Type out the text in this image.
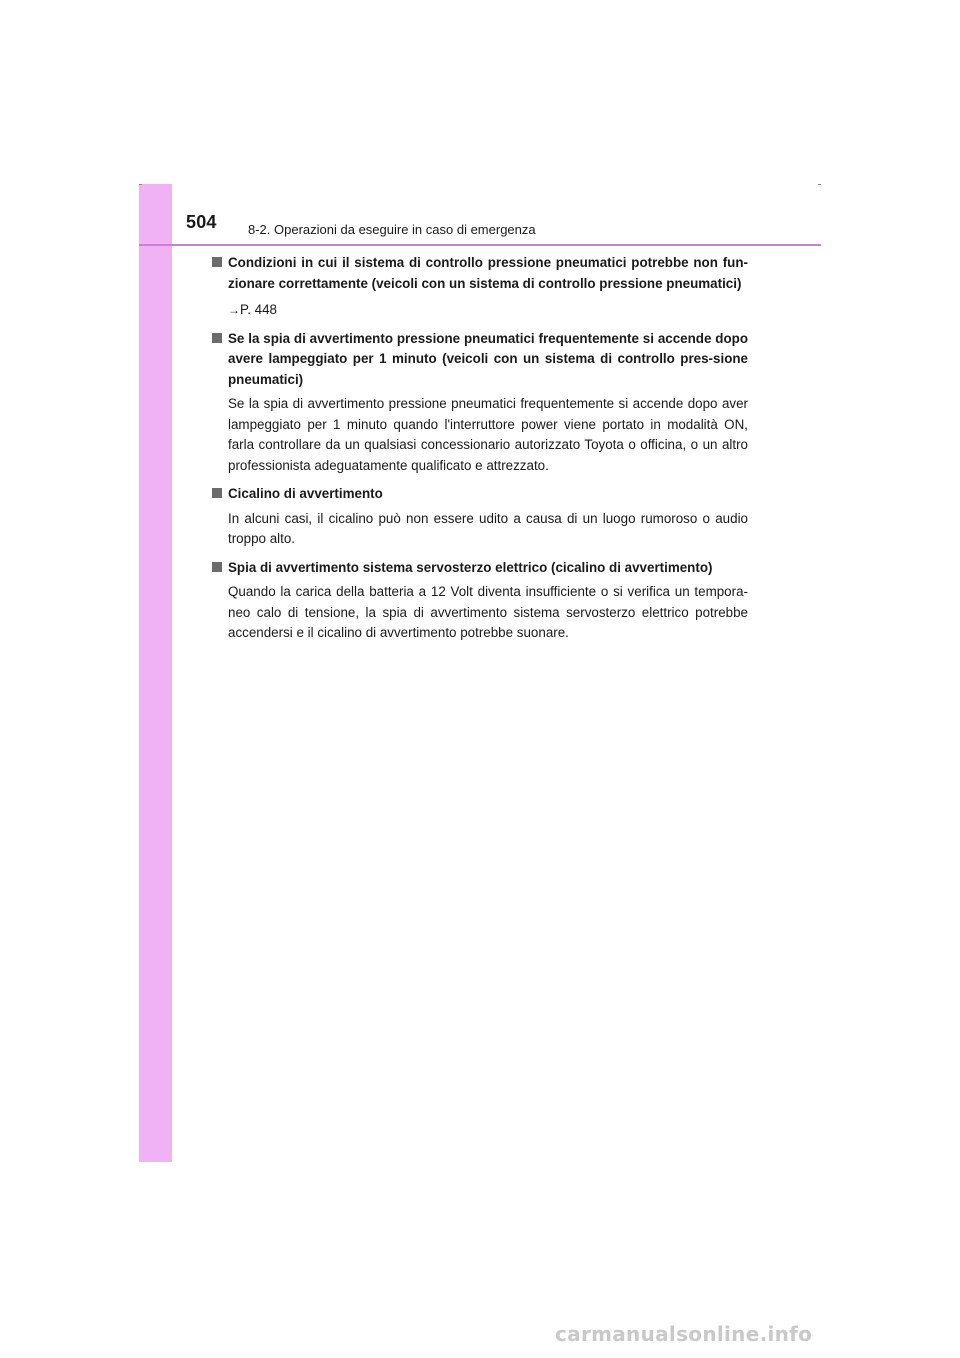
504 8-2. Operazioni da eseguire in caso di emergenza
Condizioni in cui il sistema di controllo pressione pneumatici potrebbe non fun-zionare correttamente (veicoli con un sistema di controllo pressione pneumatici)
→P. 448
Se la spia di avvertimento pressione pneumatici frequentemente si accende dopo avere lampeggiato per 1 minuto (veicoli con un sistema di controllo pres-sione pneumatici)
Se la spia di avvertimento pressione pneumatici frequentemente si accende dopo aver lampeggiato per 1 minuto quando l'interruttore power viene portato in modalità ON, farla controllare da un qualsiasi concessionario autorizzato Toyota o officina, o un altro professionista adeguatamente qualificato e attrezzato.
Cicalino di avvertimento
In alcuni casi, il cicalino può non essere udito a causa di un luogo rumoroso o audio troppo alto.
Spia di avvertimento sistema servosterzo elettrico (cicalino di avvertimento)
Quando la carica della batteria a 12 Volt diventa insufficiente o si verifica un tempora-neo calo di tensione, la spia di avvertimento sistema servosterzo elettrico potrebbe accendersi e il cicalino di avvertimento potrebbe suonare.
carmanualsonline.info
